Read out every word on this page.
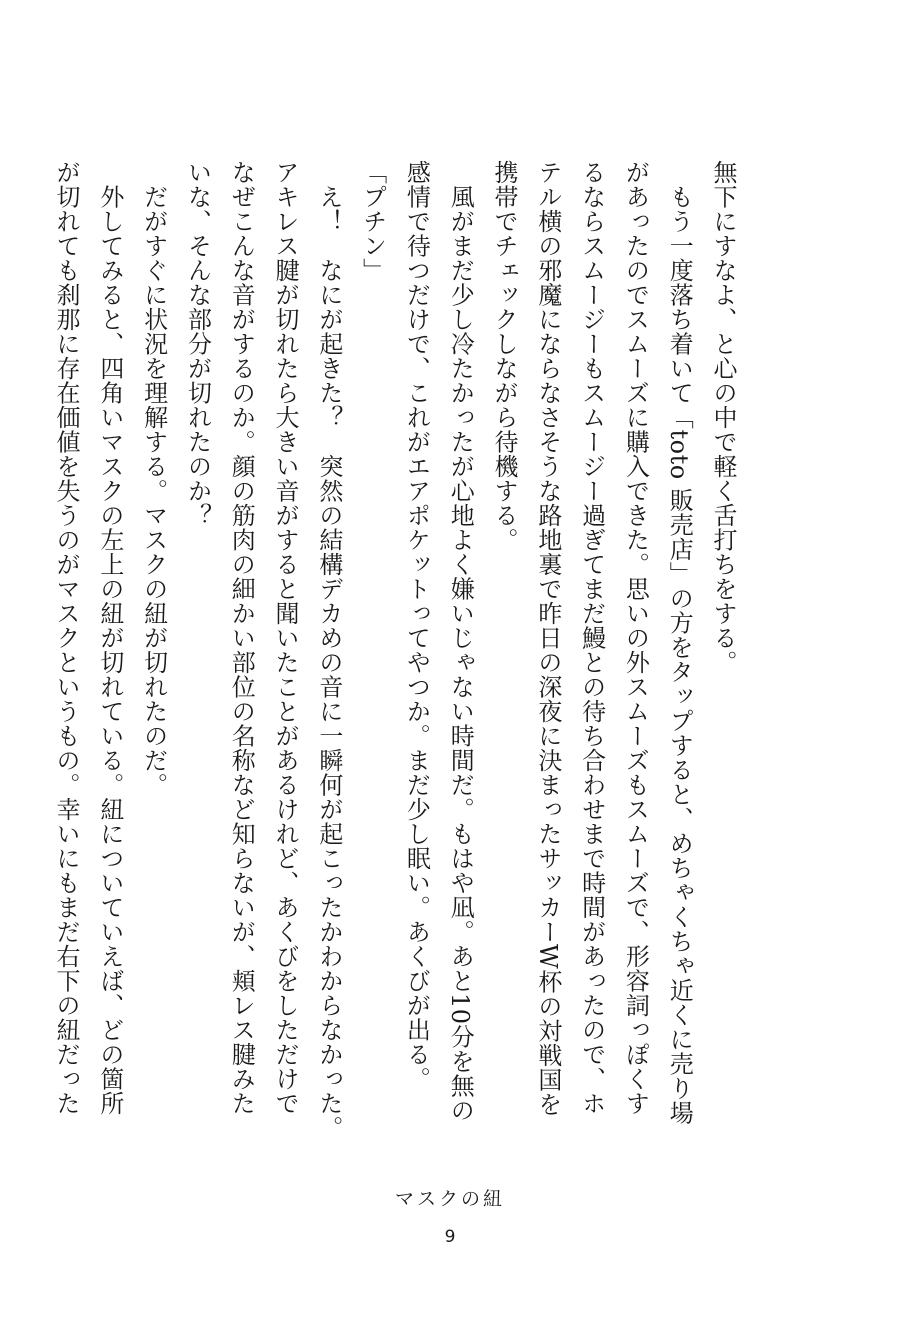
無下にすなよ、と心の中で軽く舌打ちをする。
　もう一度落ち着いて「toto 販売店」の方をタップすると、めちゃくちゃ近くに売り場
があったのでスムーズに購入できた。思いの外スムーズもスムーズで、形容詞っぽくす
るならスムージーもスムージー過ぎてまだ鰻との待ち合わせまで時間があったので、ホ
テル横の邪魔にならなさそうな路地裏で昨日の深夜に決まったサッカーW杯の対戦国を
携帯でチェックしながら待機する。
　風がまだ少し冷たかったが心地よく嫌いじゃない時間だ。もはや凪。あと10分を無の
感情で待つだけで、これがエアポケットってやつか。まだ少し眠い。あくびが出る。
「プチン」
　え！　なにが起きた？　突然の結構デカめの音に一瞬何が起こったかわからなかった。
アキレス腱が切れたら大きい音がすると聞いたことがあるけれど、あくびをしただけで
なぜこんな音がするのか。顔の筋肉の細かい部位の名称など知らないが、頬レス腱みた
いな、そんな部分が切れたのか？
　だがすぐに状況を理解する。マスクの紐が切れたのだ。
　外してみると、四角いマスクの左上の紐が切れている。紐についていえば、どの箇所
が切れても刹那に存在価値を失うのがマスクというもの。幸いにもまだ右下の紐だった
マスクの紐
9
